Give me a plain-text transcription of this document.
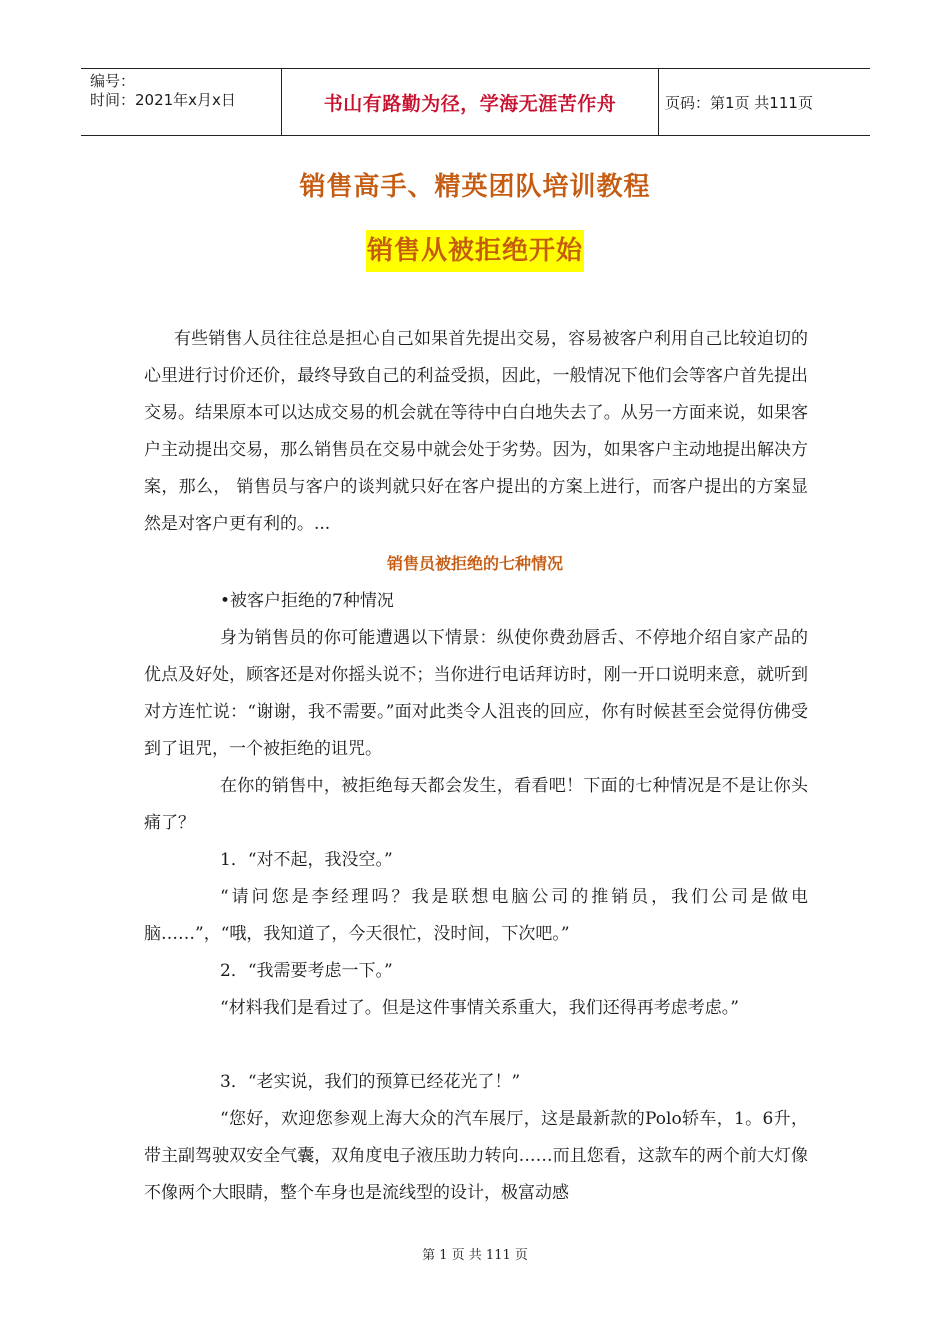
编号：
时间：2021年x月x日	书山有路勤为径，学海无涯苦作舟	页码：第1页 共111页
销售高手、精英团队培训教程
销售从被拒绝开始

有些销售人员往往总是担心自己如果首先提出交易，容易被客户利用自己比较迫切的心里进行讨价还价，最终导致自己的利益受损，因此，一般情况下他们会等客户首先提出交易。结果原本可以达成交易的机会就在等待中白白地失去了。从另一方面来说，如果客户主动提出交易，那么销售员在交易中就会处于劣势。因为，如果客户主动地提出解决方案，那么， 销售员与客户的谈判就只好在客户提出的方案上进行，而客户提出的方案显然是对客户更有利的。...

销售员被拒绝的七种情况

•被客户拒绝的7种情况

身为销售员的你可能遭遇以下情景：纵使你费劲唇舌、不停地介绍自家产品的优点及好处，顾客还是对你摇头说不；当你进行电话拜访时，刚一开口说明来意，就听到对方连忙说：“谢谢，我不需要。”面对此类令人沮丧的回应，你有时候甚至会觉得仿佛受到了诅咒，一个被拒绝的诅咒。

在你的销售中，被拒绝每天都会发生，看看吧！下面的七种情况是不是让你头痛了？

1．“对不起，我没空。”

“请问您是李经理吗？我是联想电脑公司的推销员，我们公司是做电脑……”，“哦，我知道了，今天很忙，没时间，下次吧。”

2．“我需要考虑一下。”

“材料我们是看过了。但是这件事情关系重大，我们还得再考虑考虑。”

3．“老实说，我们的预算已经花光了！”

“您好，欢迎您参观上海大众的汽车展厅，这是最新款的Polo轿车，1。6升，带主副驾驶双安全气囊，双角度电子液压助力转向……而且您看，这款车的两个前大灯像不像两个大眼睛，整个车身也是流线型的设计，极富动感

第 1 页 共 111 页
